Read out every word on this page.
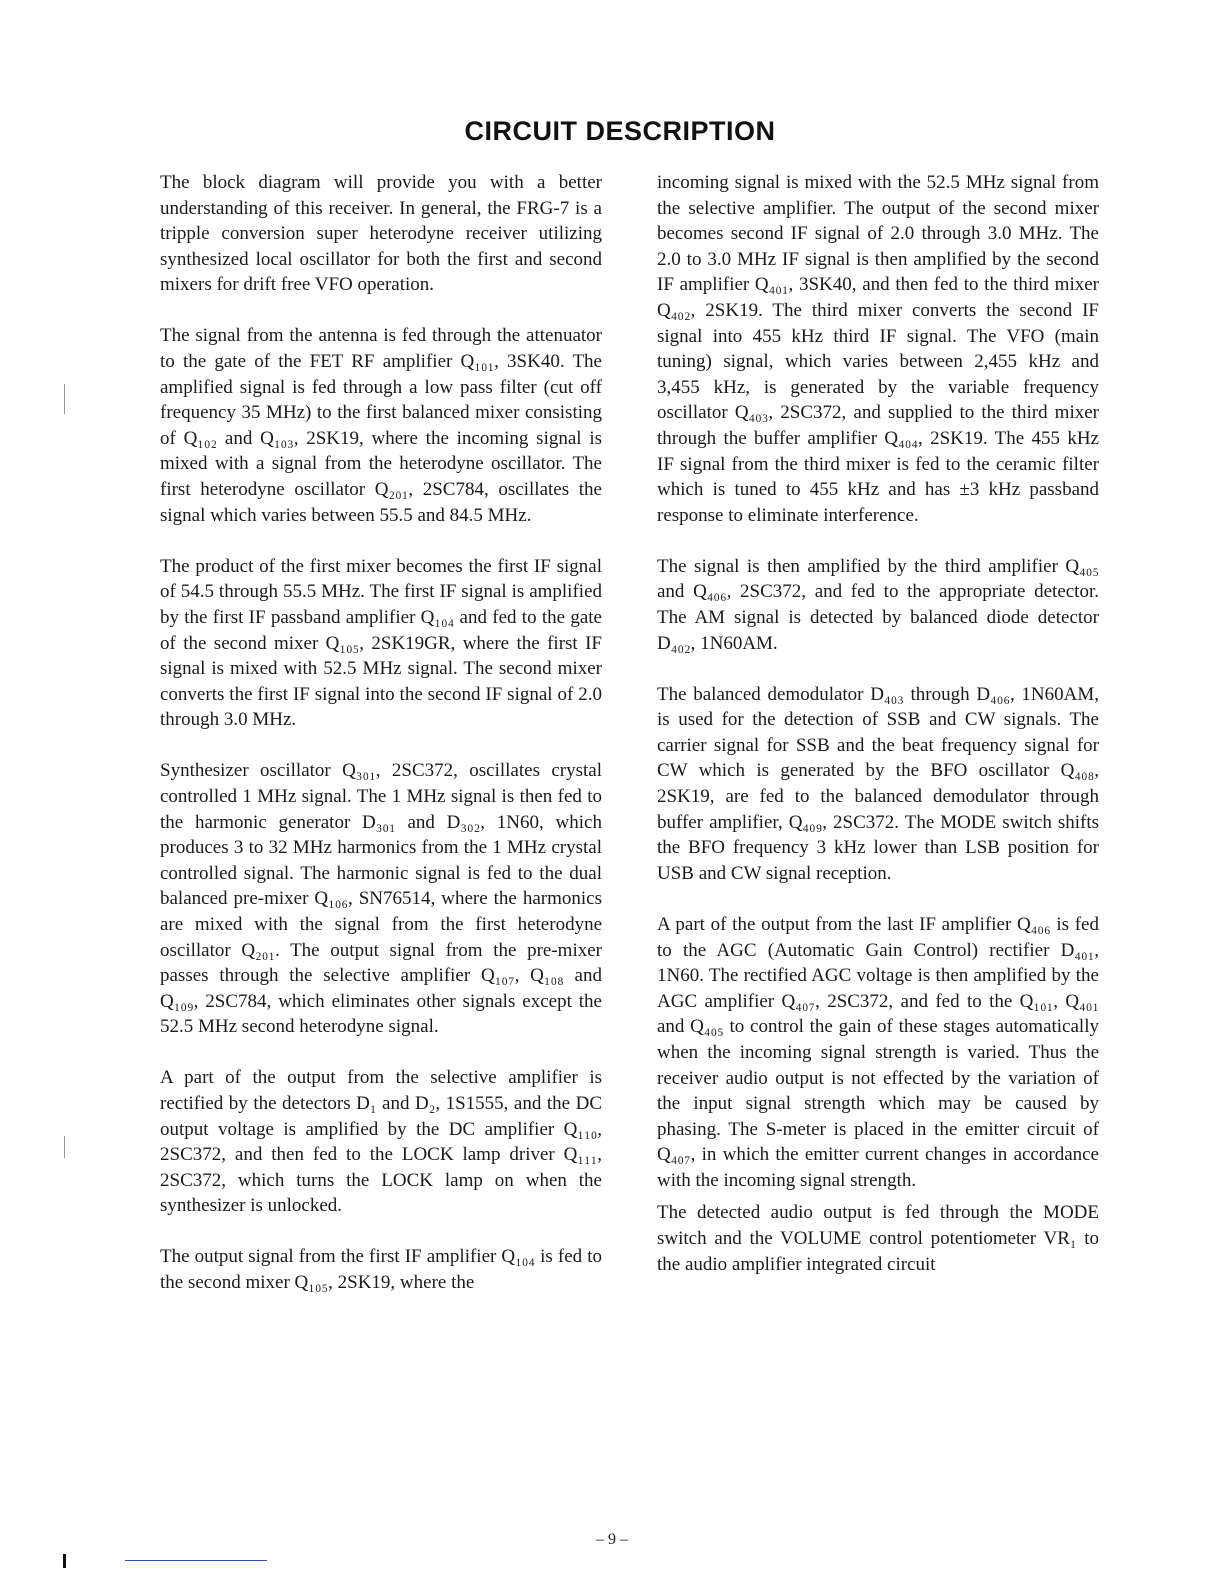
CIRCUIT DESCRIPTION

The block diagram will provide you with a better understanding of this receiver. In general, the FRG-7 is a tripple conversion super heterodyne receiver utilizing synthesized local oscillator for both the first and second mixers for drift free VFO operation.

The signal from the antenna is fed through the attenuator to the gate of the FET RF amplifier Q₁₀₁, 3SK40. The amplified signal is fed through a low pass filter (cut off frequency 35 MHz) to the first balanced mixer consisting of Q₁₀₂ and Q₁₀₃, 2SK19, where the incoming signal is mixed with a signal from the heterodyne oscillator. The first heterodyne oscillator Q₂₀₁, 2SC784, oscillates the signal which varies between 55.5 and 84.5 MHz.

The product of the first mixer becomes the first IF signal of 54.5 through 55.5 MHz. The first IF signal is amplified by the first IF passband amplifier Q₁₀₄ and fed to the gate of the second mixer Q₁₀₅, 2SK19GR, where the first IF signal is mixed with 52.5 MHz signal. The second mixer converts the first IF signal into the second IF signal of 2.0 through 3.0 MHz.

Synthesizer oscillator Q₃₀₁, 2SC372, oscillates crystal controlled 1 MHz signal. The 1 MHz signal is then fed to the harmonic generator D₃₀₁ and D₃₀₂, 1N60, which produces 3 to 32 MHz harmonics from the 1 MHz crystal controlled signal. The harmonic signal is fed to the dual balanced pre-mixer Q₁₀₆, SN76514, where the harmonics are mixed with the signal from the first heterodyne oscillator Q₂₀₁. The output signal from the pre-mixer passes through the selective amplifier Q₁₀₇, Q₁₀₈ and Q₁₀₉, 2SC784, which eliminates other signals except the 52.5 MHz second heterodyne signal.

A part of the output from the selective amplifier is rectified by the detectors D₁ and D₂, 1S1555, and the DC output voltage is amplified by the DC amplifier Q₁₁₀, 2SC372, and then fed to the LOCK lamp driver Q₁₁₁, 2SC372, which turns the LOCK lamp on when the synthesizer is unlocked.

The output signal from the first IF amplifier Q₁₀₄ is fed to the second mixer Q₁₀₅, 2SK19, where the

incoming signal is mixed with the 52.5 MHz signal from the selective amplifier. The output of the second mixer becomes second IF signal of 2.0 through 3.0 MHz. The 2.0 to 3.0 MHz IF signal is then amplified by the second IF amplifier Q₄₀₁, 3SK40, and then fed to the third mixer Q₄₀₂, 2SK19. The third mixer converts the second IF signal into 455 kHz third IF signal. The VFO (main tuning) signal, which varies between 2,455 kHz and 3,455 kHz, is generated by the variable frequency oscillator Q₄₀₃, 2SC372, and supplied to the third mixer through the buffer amplifier Q₄₀₄, 2SK19. The 455 kHz IF signal from the third mixer is fed to the ceramic filter which is tuned to 455 kHz and has ±3 kHz passband response to eliminate interference.

The signal is then amplified by the third amplifier Q₄₀₅ and Q₄₀₆, 2SC372, and fed to the appropriate detector. The AM signal is detected by balanced diode detector D₄₀₂, 1N60AM.

The balanced demodulator D₄₀₃ through D₄₀₆, 1N60AM, is used for the detection of SSB and CW signals. The carrier signal for SSB and the beat frequency signal for CW which is generated by the BFO oscillator Q₄₀₈, 2SK19, are fed to the balanced demodulator through buffer amplifier, Q₄₀₉, 2SC372. The MODE switch shifts the BFO frequency 3 kHz lower than LSB position for USB and CW signal reception.

A part of the output from the last IF amplifier Q₄₀₆ is fed to the AGC (Automatic Gain Control) rectifier D₄₀₁, 1N60. The rectified AGC voltage is then amplified by the AGC amplifier Q₄₀₇, 2SC372, and fed to the Q₁₀₁, Q₄₀₁ and Q₄₀₅ to control the gain of these stages automatically when the incoming signal strength is varied. Thus the receiver audio output is not effected by the variation of the input signal strength which may be caused by phasing. The S-meter is placed in the emitter circuit of Q₄₀₇, in which the emitter current changes in accordance with the incoming signal strength.

The detected audio output is fed through the MODE switch and the VOLUME control potentiometer VR₁ to the audio amplifier integrated circuit

– 9 –
